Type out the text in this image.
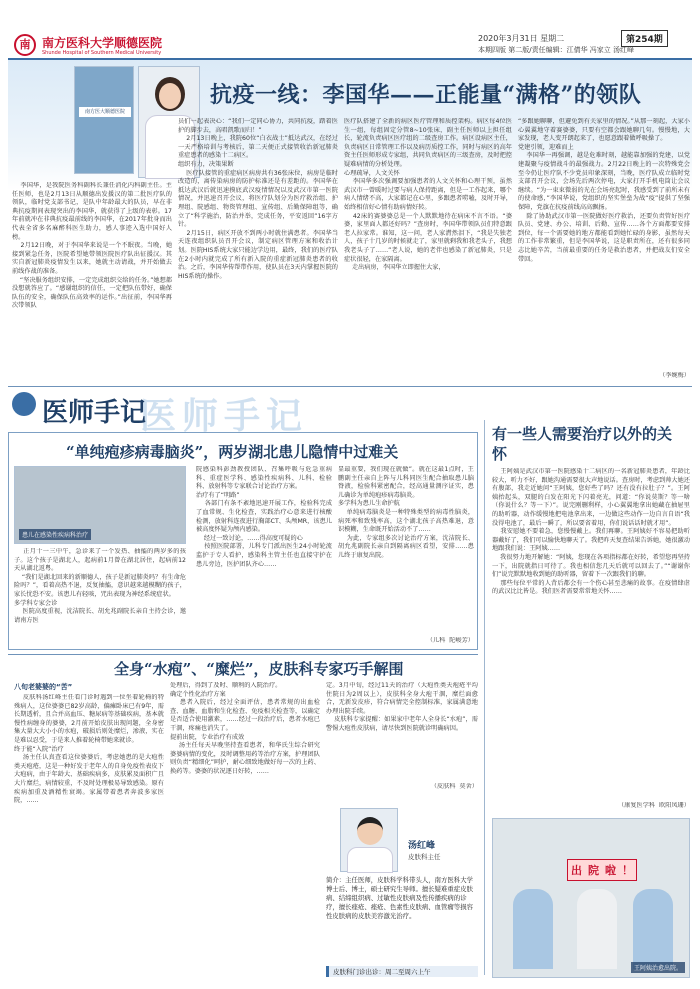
南 南方医科大学顺德医院
Shunde Hospital of Southern Medical University
2020年3月31日 星期二	第254期
本期四版 第二版/责任编辑：江倩华 冯家立 汤红峰
南方医大顺德医院
抗疫一线：李国华——正能量“满格”的领队
李国华，是我院医务科副科长兼任消化内科副主任。主任医师，也是2月13日从顺德出发援汉的第二批医疗队的领队，临时党支部书记，是队中年龄最大的队员，早在非典抗疫期间表现突出的李国华，就获得了上级的表彰。17年前就冲在非典抗疫最前线的李国华，在2017年批身而出代表全省多名麻醉科医生助力，感人事迹入选中国好人榜。
2月12日晚，对于李国华来说是一个不眠夜。当晚，她接到紧急任务，医院希望她带领医院医疗队出征援汉。其实自新冠肺炎疫情发生以来，她就主动请战，并开始做去前线作战的准备。
“坚决服务组织安排，一定完成组织交给的任务。”她想都没想就答应了。“感谢组织的信任，一定把队伍带好，确保队伍的安全，确保队伍高效率的运作。”出征前，李国华再次带领队
员们一起表决心：“我们一定同心协力，共同抗疫，踏着医护的脚步去，高唱凯歌而归！”
2月13日晚上，我院60位“白衣战士”抵达武汉，在经过一天严格培训与考核后，第二天便正式接管收治新冠肺炎重症患者的感染十二病区。
组织有力，决策果断
医疗队接管的重症病区病房共有36张床位，病房是临时改造的，离传染病房的防护标准还是有差距的。李国华在抵达武汉后就迅速摸底武汉疫情情况以及武汉市第一医院情况，并迅速召开会议，将医疗队划分为医疗救治组、护理组、院感组、物资管理组、宣传组、后勤保障组等，确立了“科学施治，防治并举，完成任务，平安返回”16字方针。
2月15日，病区开放不到两小时就住满患者。李国华当天连夜组织队员召开会议，制定病区管理方案和收治计划。医院HIS系统大家只能边学边用，最终，我们的医疗队在2小时内就完成了所有新入院的重症新冠肺炎患者的收治。之后，李国华传帮带作用，使队员在3天内掌握医院的HIS系统的操作。
医疗队搭建了全新的病区医疗管理和质控架构。病区每4位医生一组，每组固定分管8~10张床，副主任医师以上担任组长，轮流负责病区医疗组的二级查房工作。病区设病区主任，负责病区日常管理工作以及病历质控工作，同时与病区的高年资主任医师形成专家组，共同负责病区的三级查房，及时把控疑难病情的分析处理。
心理疏导，人文关怀
李国华多次强调要加强患者的人文关怀和心理干预，虽然武汉市一曾暖时过要与病人保持距离，但是一工作起来，哪个病人情绪不高，大家都记在心里，多跟患者唠嗑，及时开导，始终相信好心情有助病情好转。
42床的赛婆婆总是一个人默默地待在病床不言不语。“婆婆，家里面人都还好吗？”查房时，李国华带领队员们特意跟老人拉家常。谁知，这一问，老人家潸然泪下，“我是失独老人，孩子十几岁的时候就走了，家里就剩我和我老头子，我想我老头子了……”老人说，她的老伴也感染了新冠肺炎，只是症状很轻，在家隔离。
走出病房，李国华立即握住大家，
“多跟她聊聊，但避免到有关家里的情况。”从那一刻起，大家小心翼翼地守着赛婆婆，只要有空都会跟她聊几句。慢慢地，大家发现，老人变开朗起来了，也愿意跟着做呼吸操了。
党建引领，迎难而上
李国华一再强调，越是危难时刻，越能靠加强的党建，以党建凝聚与疫情战斗的最强战力。2月22日晚上的一次特殊党会至今仍让医疗队不少党员印象深刻，当晚，医疗队成立临时党支部召开会议，会场先后两次停电，大家打开手机电筒让会议继续。“为一束束微弱的光在会场亮起时，我感受到了前所未有的使命感，”李国华说，党组织的坚实堡垒为战“疫”提供了坚强保障，党旗在抗疫前线高高飘扬。
除了协助武汉市第一医院做好医疗救治，还要负责管好医疗队员、党建、办公、培训、后勤、宣传……各个方面都要安排到位，每一个需要她的地方都能看到她忙碌的身影，虽然每天的工作非常繁重，但是李国华说，这是职责所在，还有很多同志比她辛苦，当前最重要的任务是救治患者，并把战友们安全带回。
（李婉梅）
医师手记
医师手记
“单纯疱疹病毒脑炎”，两岁湖北患儿隐情中过难关
患儿在感染性疾病科治疗
正月十一三中午，急诊来了一个发热、抽搐的两岁多的孩子。这个孩子是湖北人，起病前1月曾在湖北居住，起病前12天从湖北返粤。
“我们是湖北回来的新顺德人，孩子是新冠肺炎吗？有生命危险吗？”，看着高热不退，反复抽搐，意识越来越模糊的孩子，家长忧恐不安。该患儿有轻咳，咒出表现为神经系统症状。
多学科专家会诊
医院高度重视，沈洁院长、胡允兆副院长亲自主持会诊，邀请南方医
院感染科彭劲教授团队、召集呼吸与危急重病科、重症医学科、感染性疾病科、儿科、检验科、放射科等专家联合讨论治疗方案。
治疗有了“明路”
各部门有条不紊地迅速开展工作，检验科完成了血常规、生化检查，实践治疗心意来进行核酸检测，放射科连夜进行胸部CT、头颅MR，该患儿被高度怀疑为颅内感染。
经过一致讨论，……得高度可疑的心
按照医院部署，儿科专门派出医生24小时轮流监护于专人看护，感染科主管主任也直接守护在患儿旁边，医护团队齐心……
显最重要，我们现在就做”。就在这最1点时，王鹏副主任亲自上阵与儿科同医生配合抽取患儿脑脊液，检验科紧密配合，经高通量测序证实，患儿确诊为单纯疱疹病毒脑炎。
多学科为患儿生命护航
单纯病毒脑炎是一种特殊类型的病毒性脑炎，病死率和致残率高，这个湖北孩子高热难退，意识模糊，生命既开始活动不了……
为此，专家组多次讨论治疗方案，沈洁院长、胡允兆副院长亲自到隔离病区看望，安排……患儿终于康复出院。
（儿科  陀峻芳）
有一些人需要治疗以外的关怀
王阿姨是武汉市第一医院感染十二病区的一名新冠肺炎患者，年龄比较大，听力不好，跟她沟通需要很大声地说话。查房时，考虑到帅大她还有腹部，我走近她问“王阿姨，您好些了吗？还有没有拉肚子？”。王阿姨抬起头，双腿的白发在阳光下闪着亮光，问道：“你说莫斯？等一啥（你说什么？等一下）”。说完刚删利样，小心翼翼地拿出她藏在抽屉里的助听器，动作缓慢地把电池拿出来，一边做这些动作一边自言自语“我没得电池了，最后一瞬了，所以要省着用，你们说话话时就才用”。
我安慰她不要着急，您慢慢戴上。我们再聊。王阿姨好不容易把助听器戴好了，我们可以愉快地聊天了。我把昨天复查结果告诉她，她很激动地跟我们说：王阿姨……
我很努力地开解她：“阿姨，您现在各项指标都在好转，希望您再坚持一下，出院就指日可待了。我也相信您几天后就可以回去了。”“谢谢你们”说完默默地收到她的助听器，留着下一次跟我们的聊。
那些每位平常的人背后都会有一个伤心甚至悲痛的故事。在疫情肆虐的武汉比比皆是。我们医者需要常常地关怀……
（康复医学科  欧阳凤珊）
出 院 啦 ！
王阿姨治愈出院。
全身“水疱”、“糜烂”，皮肤科专家巧手解围
八旬老婆婆的“苦”
皮肤科汤红峰主任看门诊时遇到一位坐着轮椅的特殊病人，这位婆婆已82岁高龄，偏瘫卧床已有9年，需长期透析，且合并高血压、糖尿病等基础疾病，基本就慢性病缠身的婆婆，2月前开始皮肤出现问题，全身密集大量大大小小的水疱，破损后则处糜烂，渗液，实在是难以忍受，于是来人推着轮椅带她来就诊。
终于能“入院”治疗
汤主任认真查看这位婆婆后，考虑她患的是大疱性类天疱疮，这是一种好发于老年人的自身免疫性表皮下大疱病，由于年龄大、基础疾病多，皮肤累及面积广且大片糜烂，病情较重，不及时处理极易导致感染。原有疾病加重及酒精性衰竭。家属带着患者奔波多家医院，……
处理后，得到了及时、顺利的入院治疗。
确定个性化治疗方案
患者入院后，经过全面评估，患者常规的出血检查、血糖、血脂和生化检查、免疫相关检查等，以确定是否适合使用激素，……经过一段治疗后，患者水疱已干涸，疼痛也消失了。
提前出院，专业治疗有成效
汤主任每天早晚坚持查看患者，和华氏生综合研究婆婆病情的变化，及时调整用药等治疗方案，护理团队则负责“精细化”呵护，耐心细致地做好每一次的上药、换药等。婆婆的状况逐日好转，……
定。3月中旬，经过11天的治疗（大疱性类天疱疮平均住院日为2周以上），皮肤科全身大疱干涸，糜烂面愈合，无新发皮疹，符合病情完全控制标准，家属满意地办理出院手续。
皮肤科专家提醒：如果家中老年人全身长“水疱”，需警惕大疱性皮肤病，请尽快到医院就诊明确病因。
（皮肤科  莫舍）
汤红峰
皮肤科主任
简介：主任医师，皮肤科学科带头人，南方医科大学博士后、博士，硕士研究生导师。擅长疑难重症皮肤病、结缔组织病、过敏性皮肤病及性传播疾病的诊疗，擅长痤疮、痤疮、色素性皮肤病、血管瘤等损容性皮肤病的皮肤美容激光治疗。
皮肤科门诊出诊：周二至周六上午
